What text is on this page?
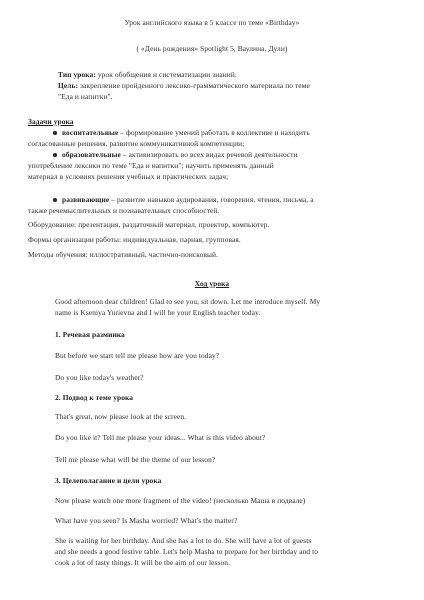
Урок английского языка в 5 классе по теме «Birthday»
( «День рождения» Spotlight 5, Ваулина, Дули)
Тип урока: урок обобщения и систематизации знаний.
Цель: закрепление пройденного лексико-грамматического материала по теме
"Еда и напитки".
Задачи урока
воспитательные – формирование умений работать в коллективе и находить
согласованные решения, развитие коммуникативной компетенции;
образовательные – активизировать во всех видах речевой деятельности
употребление лексики по теме "Еда и напитки"; научить применять данный
материал в условиях решения учебных и практических задач;
развивающие – развитие навыков аудирования, говорения, чтения, письма, а
также речемыслительных и познавательных способностей.
Оборудование: презентация, раздаточный материал, проектор, компьютер.
Формы организации работы: индивидуальная, парная, групповая.
Методы обучения: иллюстративный, частично-поисковый.
Ход урока
Good afternoon dear children! Glad to see you, sit down. Let me introduce myself. My
name is Kseniya Yurievna and I will be your English teacher today.
1. Речевая разминка
But before we start tell me please how are you today?
Do you like today's weather?
2. Подвод к теме урока
That's great, now please look at the screen.
Do you like it? Tell me please your ideas... What is this video about?
Tell me please what will be the theme of our lesson?
3. Целеполагание и цели урока
Now please watch one more fragment of the video! (несколько Маша в подвале)
What have you seen? Is Masha worried? What's the matter?
She is waiting for her birthday. And she has a lot to do. She will have a lot of guests
and she needs a good festive table. Let's help Masha to prepare for her birthday and to
cook a lot of tasty things. It will be the aim of our lesson.
